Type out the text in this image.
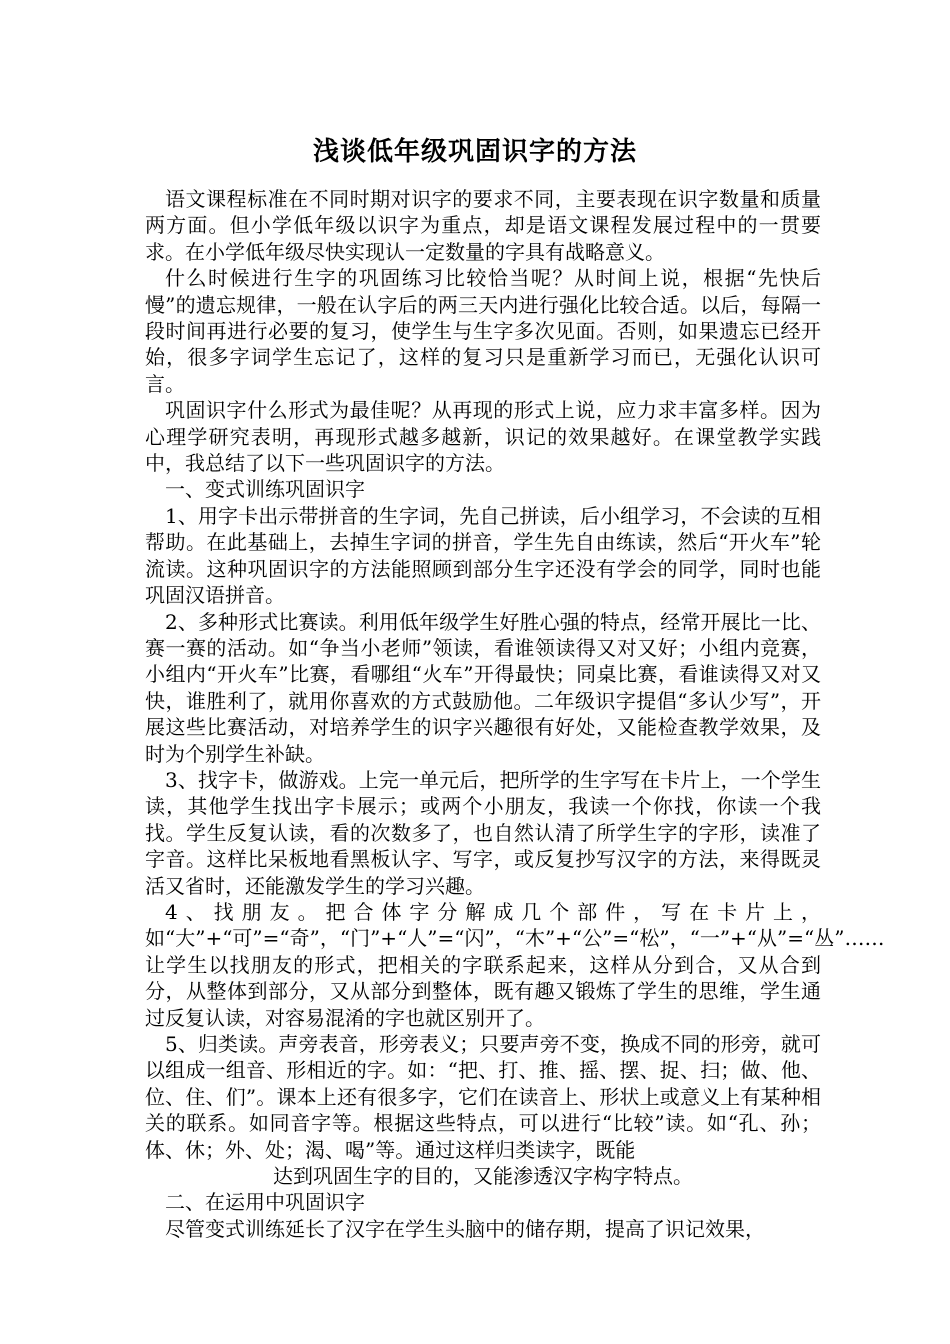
浅谈低年级巩固识字的方法

语文课程标准在不同时期对识字的要求不同，主要表现在识字数量和质量两方面。但小学低年级以识字为重点，却是语文课程发展过程中的一贯要求。在小学低年级尽快实现认一定数量的字具有战略意义。

什么时候进行生字的巩固练习比较恰当呢？从时间上说，根据“先快后慢”的遗忘规律，一般在认字后的两三天内进行强化比较合适。以后，每隔一段时间再进行必要的复习，使学生与生字多次见面。否则，如果遗忘已经开始，很多字词学生忘记了，这样的复习只是重新学习而已，无强化认识可言。

巩固识字什么形式为最佳呢？从再现的形式上说，应力求丰富多样。因为心理学研究表明，再现形式越多越新，识记的效果越好。在课堂教学实践中，我总结了以下一些巩固识字的方法。

一、变式训练巩固识字

1、用字卡出示带拼音的生字词，先自己拼读，后小组学习，不会读的互相帮助。在此基础上，去掉生字词的拼音，学生先自由练读，然后“开火车”轮流读。这种巩固识字的方法能照顾到部分生字还没有学会的同学，同时也能巩固汉语拼音。

2、多种形式比赛读。利用低年级学生好胜心强的特点，经常开展比一比、赛一赛的活动。如“争当小老师”领读，看谁领读得又对又好；小组内竞赛，小组内“开火车”比赛，看哪组“火车”开得最快；同桌比赛，看谁读得又对又快，谁胜利了，就用你喜欢的方式鼓励他。二年级识字提倡“多认少写”，开展这些比赛活动，对培养学生的识字兴趣很有好处，又能检查教学效果，及时为个别学生补缺。

3、找字卡，做游戏。上完一单元后，把所学的生字写在卡片上，一个学生读，其他学生找出字卡展示；或两个小朋友，我读一个你找，你读一个我找。学生反复认读，看的次数多了，也自然认清了所学生字的字形，读准了字音。这样比呆板地看黑板认字、写字，或反复抄写汉字的方法，来得既灵活又省时，还能激发学生的学习兴趣。

4、找朋友。把合体字分解成几个部件，写在卡片上，如“大”+“可”=“奇”，“门”+“人”=“闪”，“木”+“公”=“松”，“一”+“从”=“丛”……让学生以找朋友的形式，把相关的字联系起来，这样从分到合，又从合到分，从整体到部分，又从部分到整体，既有趣又锻炼了学生的思维，学生通过反复认读，对容易混淆的字也就区别开了。

5、归类读。声旁表音，形旁表义；只要声旁不变，换成不同的形旁，就可以组成一组音、形相近的字。如：“把、打、推、摇、摆、捉、扫；做、他、位、住、们”。课本上还有很多字，它们在读音上、形状上或意义上有某种相关的联系。如同音字等。根据这些特点，可以进行“比较”读。如“孔、孙；体、休；外、处；渴、喝”等。通过这样归类读字，既能

达到巩固生字的目的，又能渗透汉字构字特点。

二、在运用中巩固识字

尽管变式训练延长了汉字在学生头脑中的储存期，提高了识记效果，
